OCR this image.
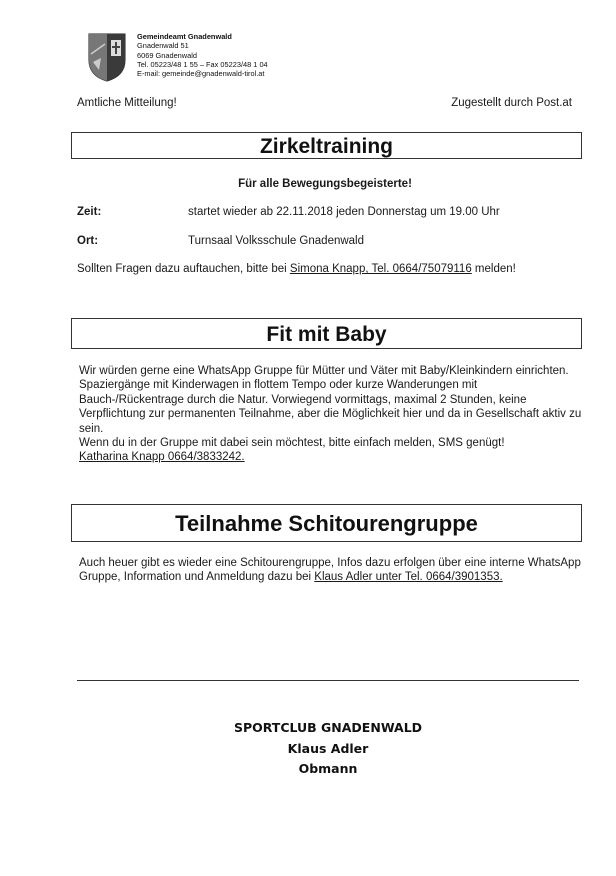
Gemeindeamt Gnadenwald
Gnadenwald 51
6069 Gnadenwald
Tel. 05223/48 1 55 – Fax 05223/48 1 04
E-mail: gemeinde@gnadenwald-tirol.at
Amtliche Mitteilung!	Zugestellt durch Post.at
Zirkeltraining
Für alle Bewegungsbegeisterte!
Zeit:	startet wieder ab 22.11.2018 jeden Donnerstag um 19.00 Uhr
Ort:	Turnsaal Volksschule Gnadenwald
Sollten Fragen dazu auftauchen, bitte bei Simona Knapp, Tel. 0664/75079116 melden!
Fit mit Baby
Wir würden gerne eine WhatsApp Gruppe für Mütter und Väter mit Baby/Kleinkindern einrichten. Spaziergänge mit Kinderwagen in flottem Tempo oder kurze Wanderungen mit Bauch-/Rückentrage durch die Natur. Vorwiegend vormittags, maximal 2 Stunden, keine Verpflichtung zur permanenten Teilnahme, aber die Möglichkeit hier und da in Gesellschaft aktiv zu sein.
Wenn du in der Gruppe mit dabei sein möchtest, bitte einfach melden, SMS genügt!
Katharina Knapp 0664/3833242.
Teilnahme Schitourengruppe
Auch heuer gibt es wieder eine Schitourengruppe, Infos dazu erfolgen über eine interne WhatsApp Gruppe, Information und Anmeldung dazu bei Klaus Adler unter Tel. 0664/3901353.
SPORTCLUB GNADENWALD
Klaus Adler
Obmann
